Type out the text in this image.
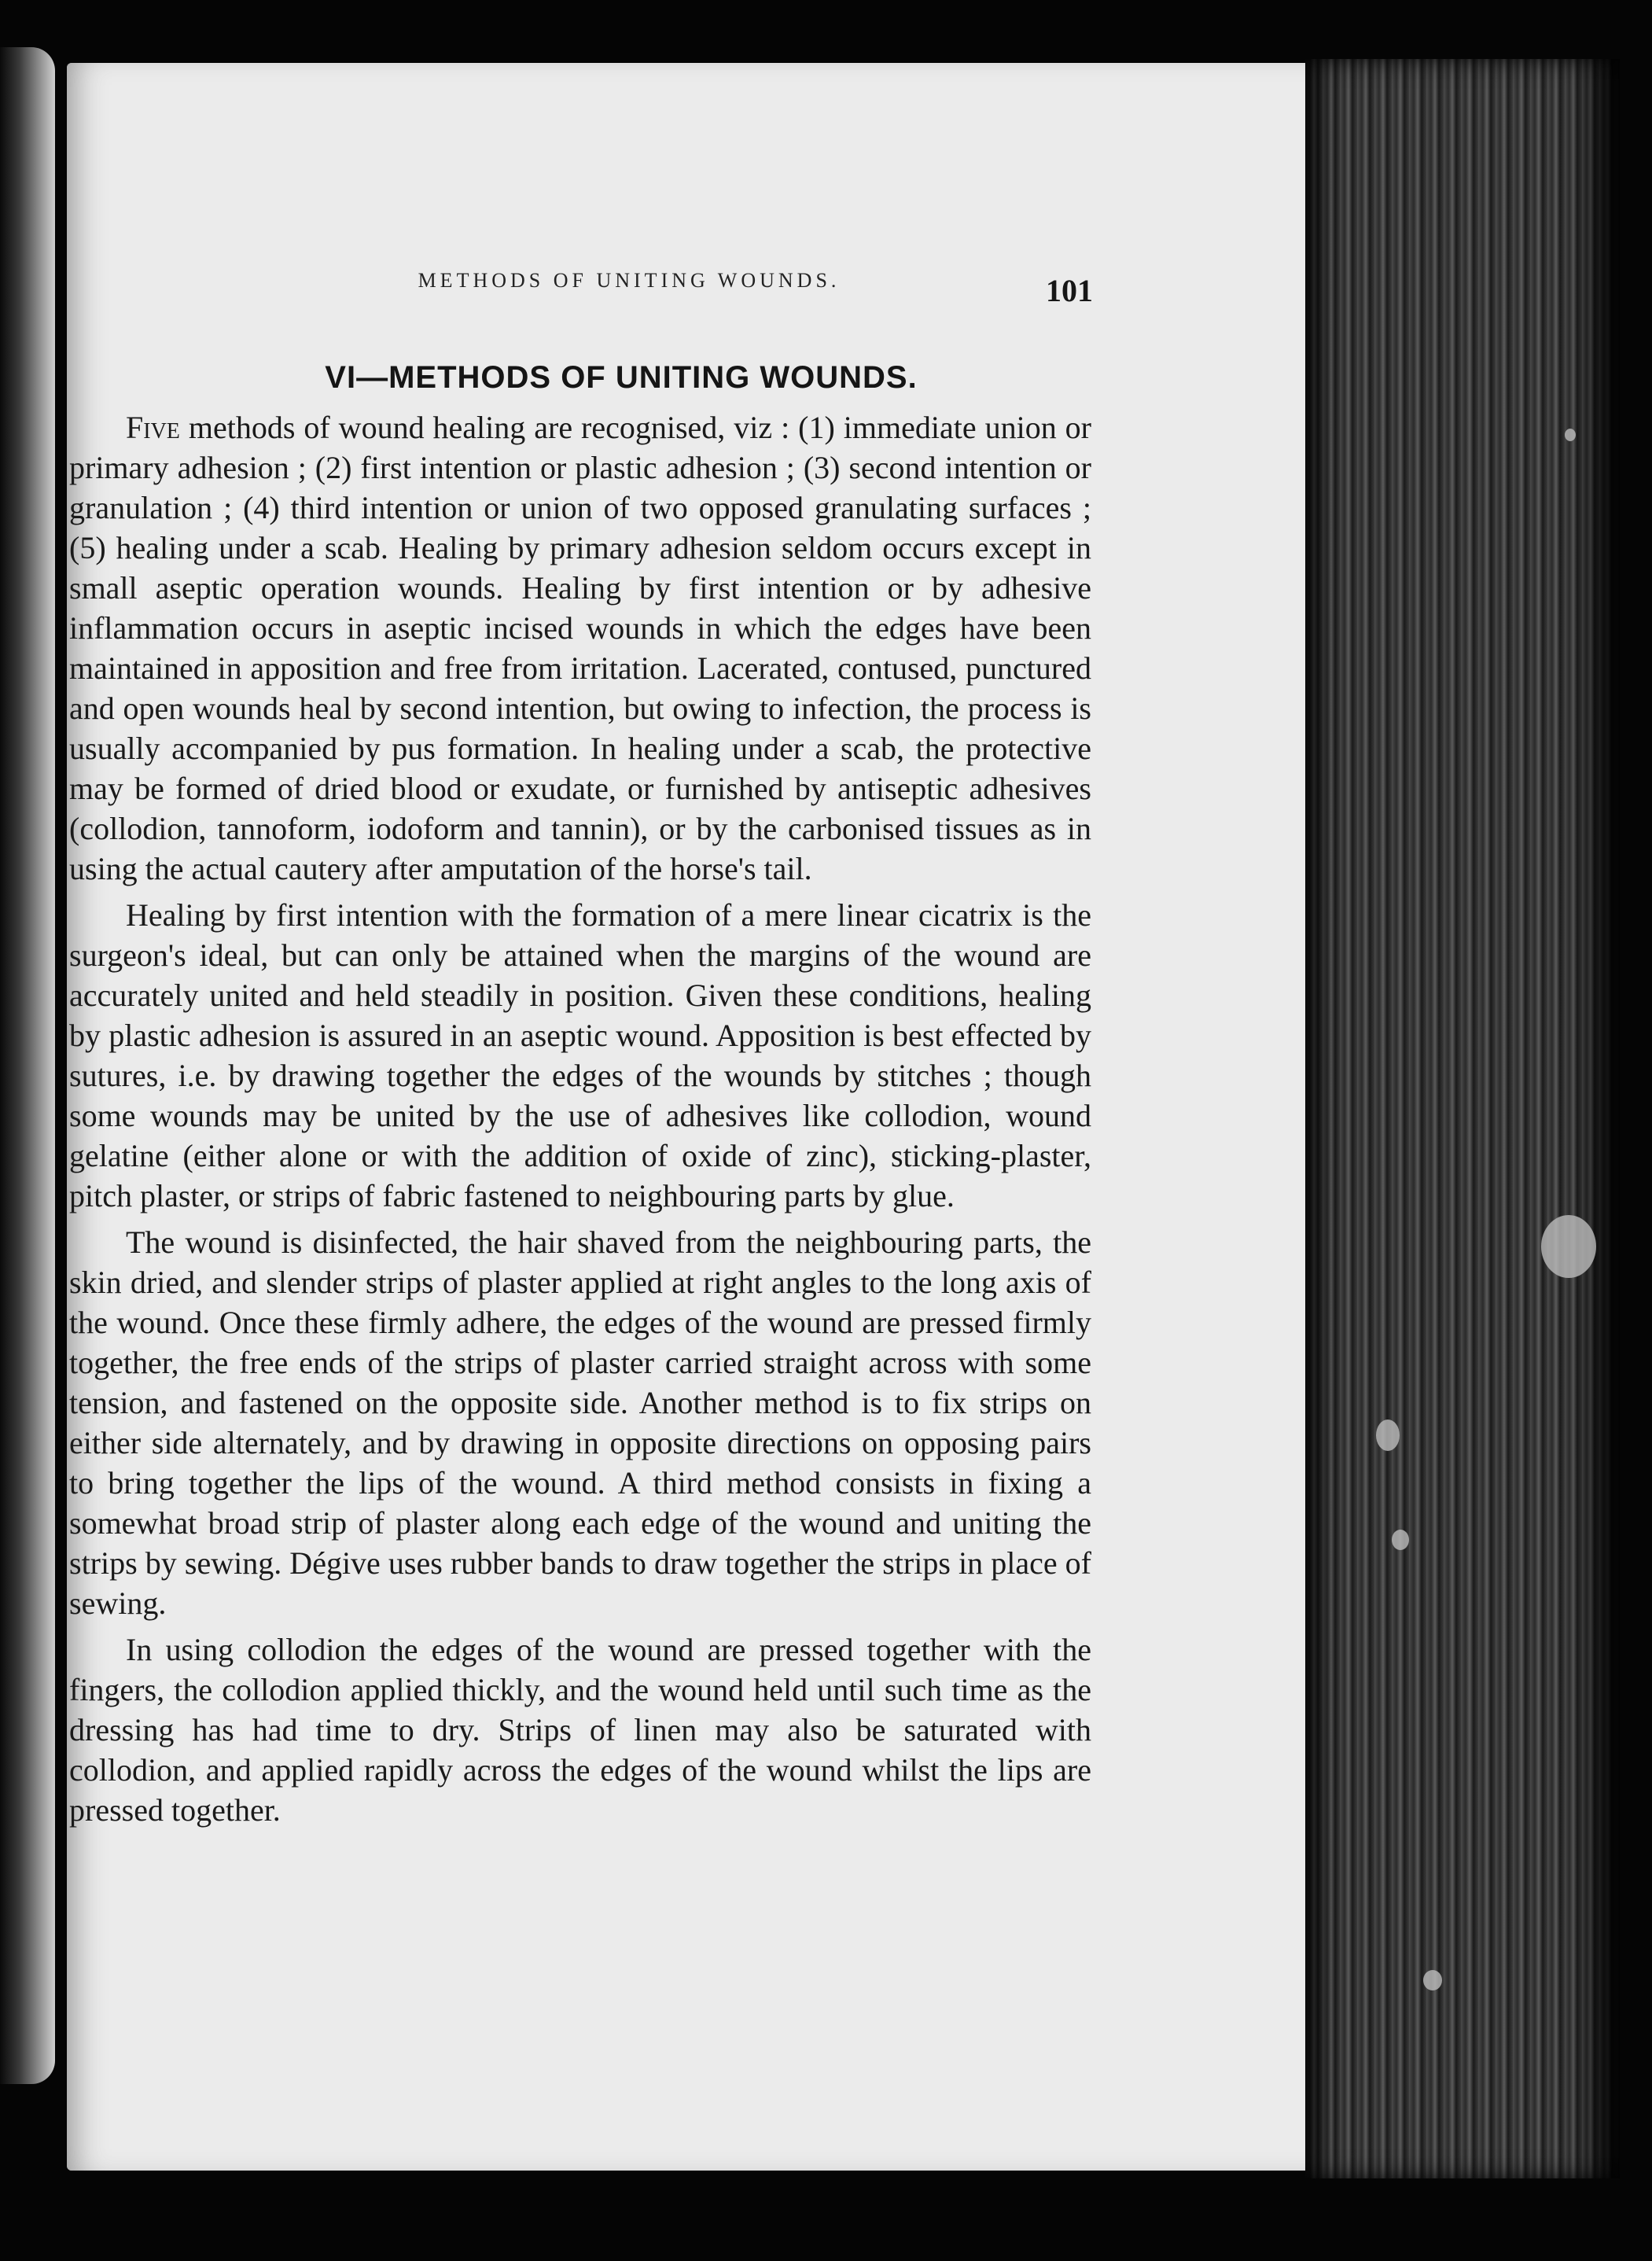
METHODS OF UNITING WOUNDS.	101
VI—METHODS OF UNITING WOUNDS.

Five methods of wound healing are recognised, viz : (1) immediate union or primary adhesion ; (2) first intention or plastic adhesion ; (3) second intention or granulation ; (4) third intention or union of two opposed granulating surfaces ; (5) healing under a scab. Healing by primary adhesion seldom occurs except in small aseptic operation wounds. Healing by first intention or by adhesive inflammation occurs in aseptic incised wounds in which the edges have been maintained in apposition and free from irritation. Lacerated, contused, punctured and open wounds heal by second intention, but owing to infection, the process is usually accompanied by pus formation. In healing under a scab, the protective may be formed of dried blood or exudate, or furnished by antiseptic adhesives (collodion, tannoform, iodoform and tannin), or by the carbonised tissues as in using the actual cautery after amputation of the horse's tail.

Healing by first intention with the formation of a mere linear cicatrix is the surgeon's ideal, but can only be attained when the margins of the wound are accurately united and held steadily in position. Given these conditions, healing by plastic adhesion is assured in an aseptic wound. Apposition is best effected by sutures, i.e. by drawing together the edges of the wounds by stitches ; though some wounds may be united by the use of adhesives like collodion, wound gelatine (either alone or with the addition of oxide of zinc), sticking-plaster, pitch plaster, or strips of fabric fastened to neighbouring parts by glue.

The wound is disinfected, the hair shaved from the neighbouring parts, the skin dried, and slender strips of plaster applied at right angles to the long axis of the wound. Once these firmly adhere, the edges of the wound are pressed firmly together, the free ends of the strips of plaster carried straight across with some tension, and fastened on the opposite side. Another method is to fix strips on either side alternately, and by drawing in opposite directions on opposing pairs to bring together the lips of the wound. A third method consists in fixing a somewhat broad strip of plaster along each edge of the wound and uniting the strips by sewing. Dégive uses rubber bands to draw together the strips in place of sewing.

In using collodion the edges of the wound are pressed together with the fingers, the collodion applied thickly, and the wound held until such time as the dressing has had time to dry. Strips of linen may also be saturated with collodion, and applied rapidly across the edges of the wound whilst the lips are pressed together.
